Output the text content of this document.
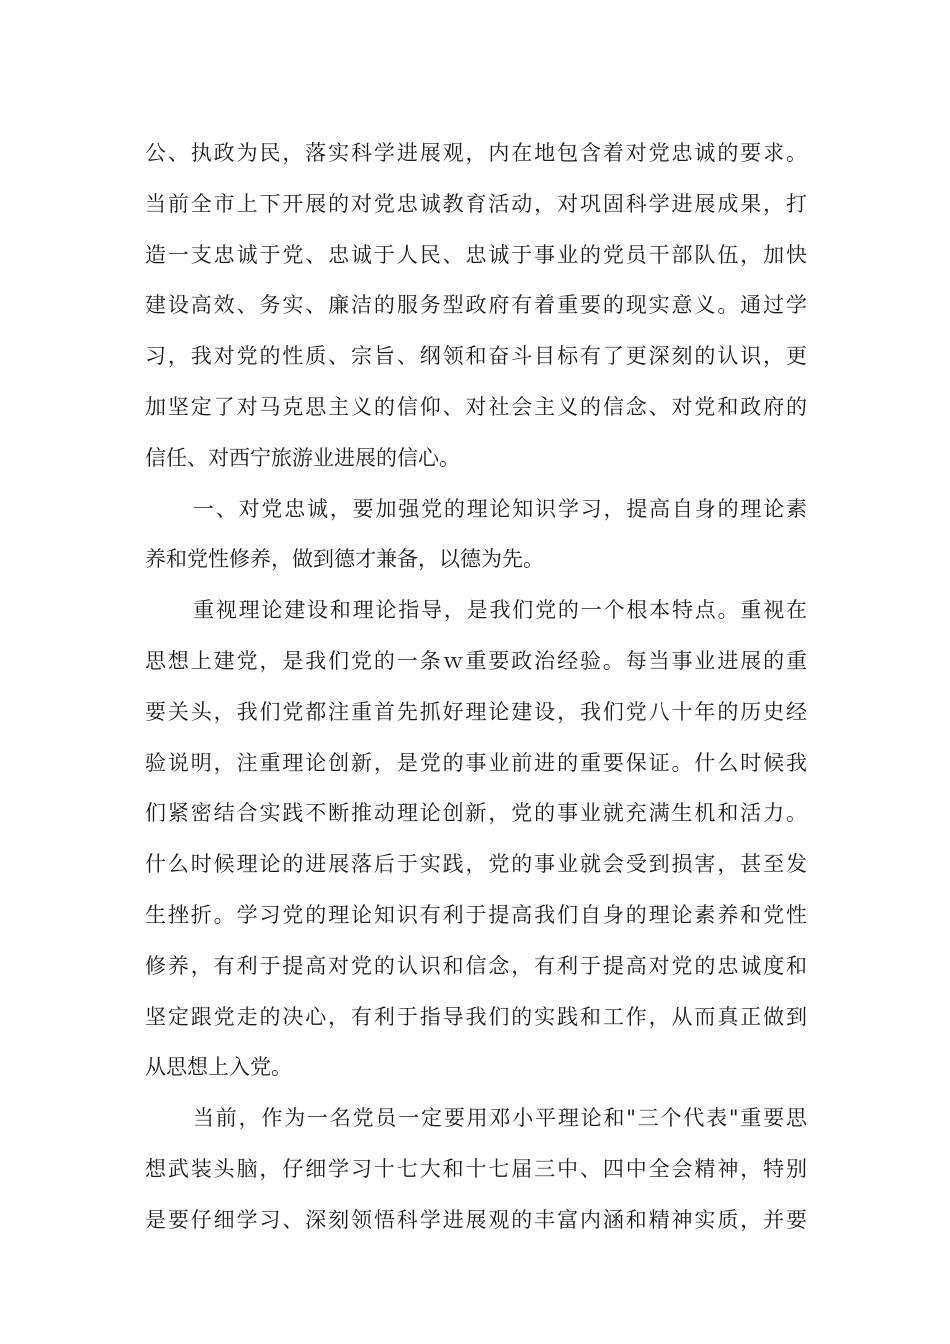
公、执政为民，落实科学进展观，内在地包含着对党忠诚的要求。
当前全市上下开展的对党忠诚教育活动，对巩固科学进展成果，打
造一支忠诚于党、忠诚于人民、忠诚于事业的党员干部队伍，加快
建设高效、务实、廉洁的服务型政府有着重要的现实意义。通过学
习，我对党的性质、宗旨、纲领和奋斗目标有了更深刻的认识，更
加坚定了对马克思主义的信仰、对社会主义的信念、对党和政府的
信任、对西宁旅游业进展的信心。
一、对党忠诚，要加强党的理论知识学习，提高自身的理论素
养和党性修养，做到德才兼备，以德为先。
重视理论建设和理论指导，是我们党的一个根本特点。重视在
思想上建党，是我们党的一条ｗ重要政治经验。每当事业进展的重
要关头，我们党都注重首先抓好理论建设，我们党八十年的历史经
验说明，注重理论创新，是党的事业前进的重要保证。什么时候我
们紧密结合实践不断推动理论创新，党的事业就充满生机和活力。
什么时候理论的进展落后于实践，党的事业就会受到损害，甚至发
生挫折。学习党的理论知识有利于提高我们自身的理论素养和党性
修养，有利于提高对党的认识和信念，有利于提高对党的忠诚度和
坚定跟党走的决心，有利于指导我们的实践和工作，从而真正做到
从思想上入党。
当前，作为一名党员一定要用邓小平理论和"三个代表"重要思
想武装头脑，仔细学习十七大和十七届三中、四中全会精神，特别
是要仔细学习、深刻领悟科学进展观的丰富内涵和精神实质，并要
